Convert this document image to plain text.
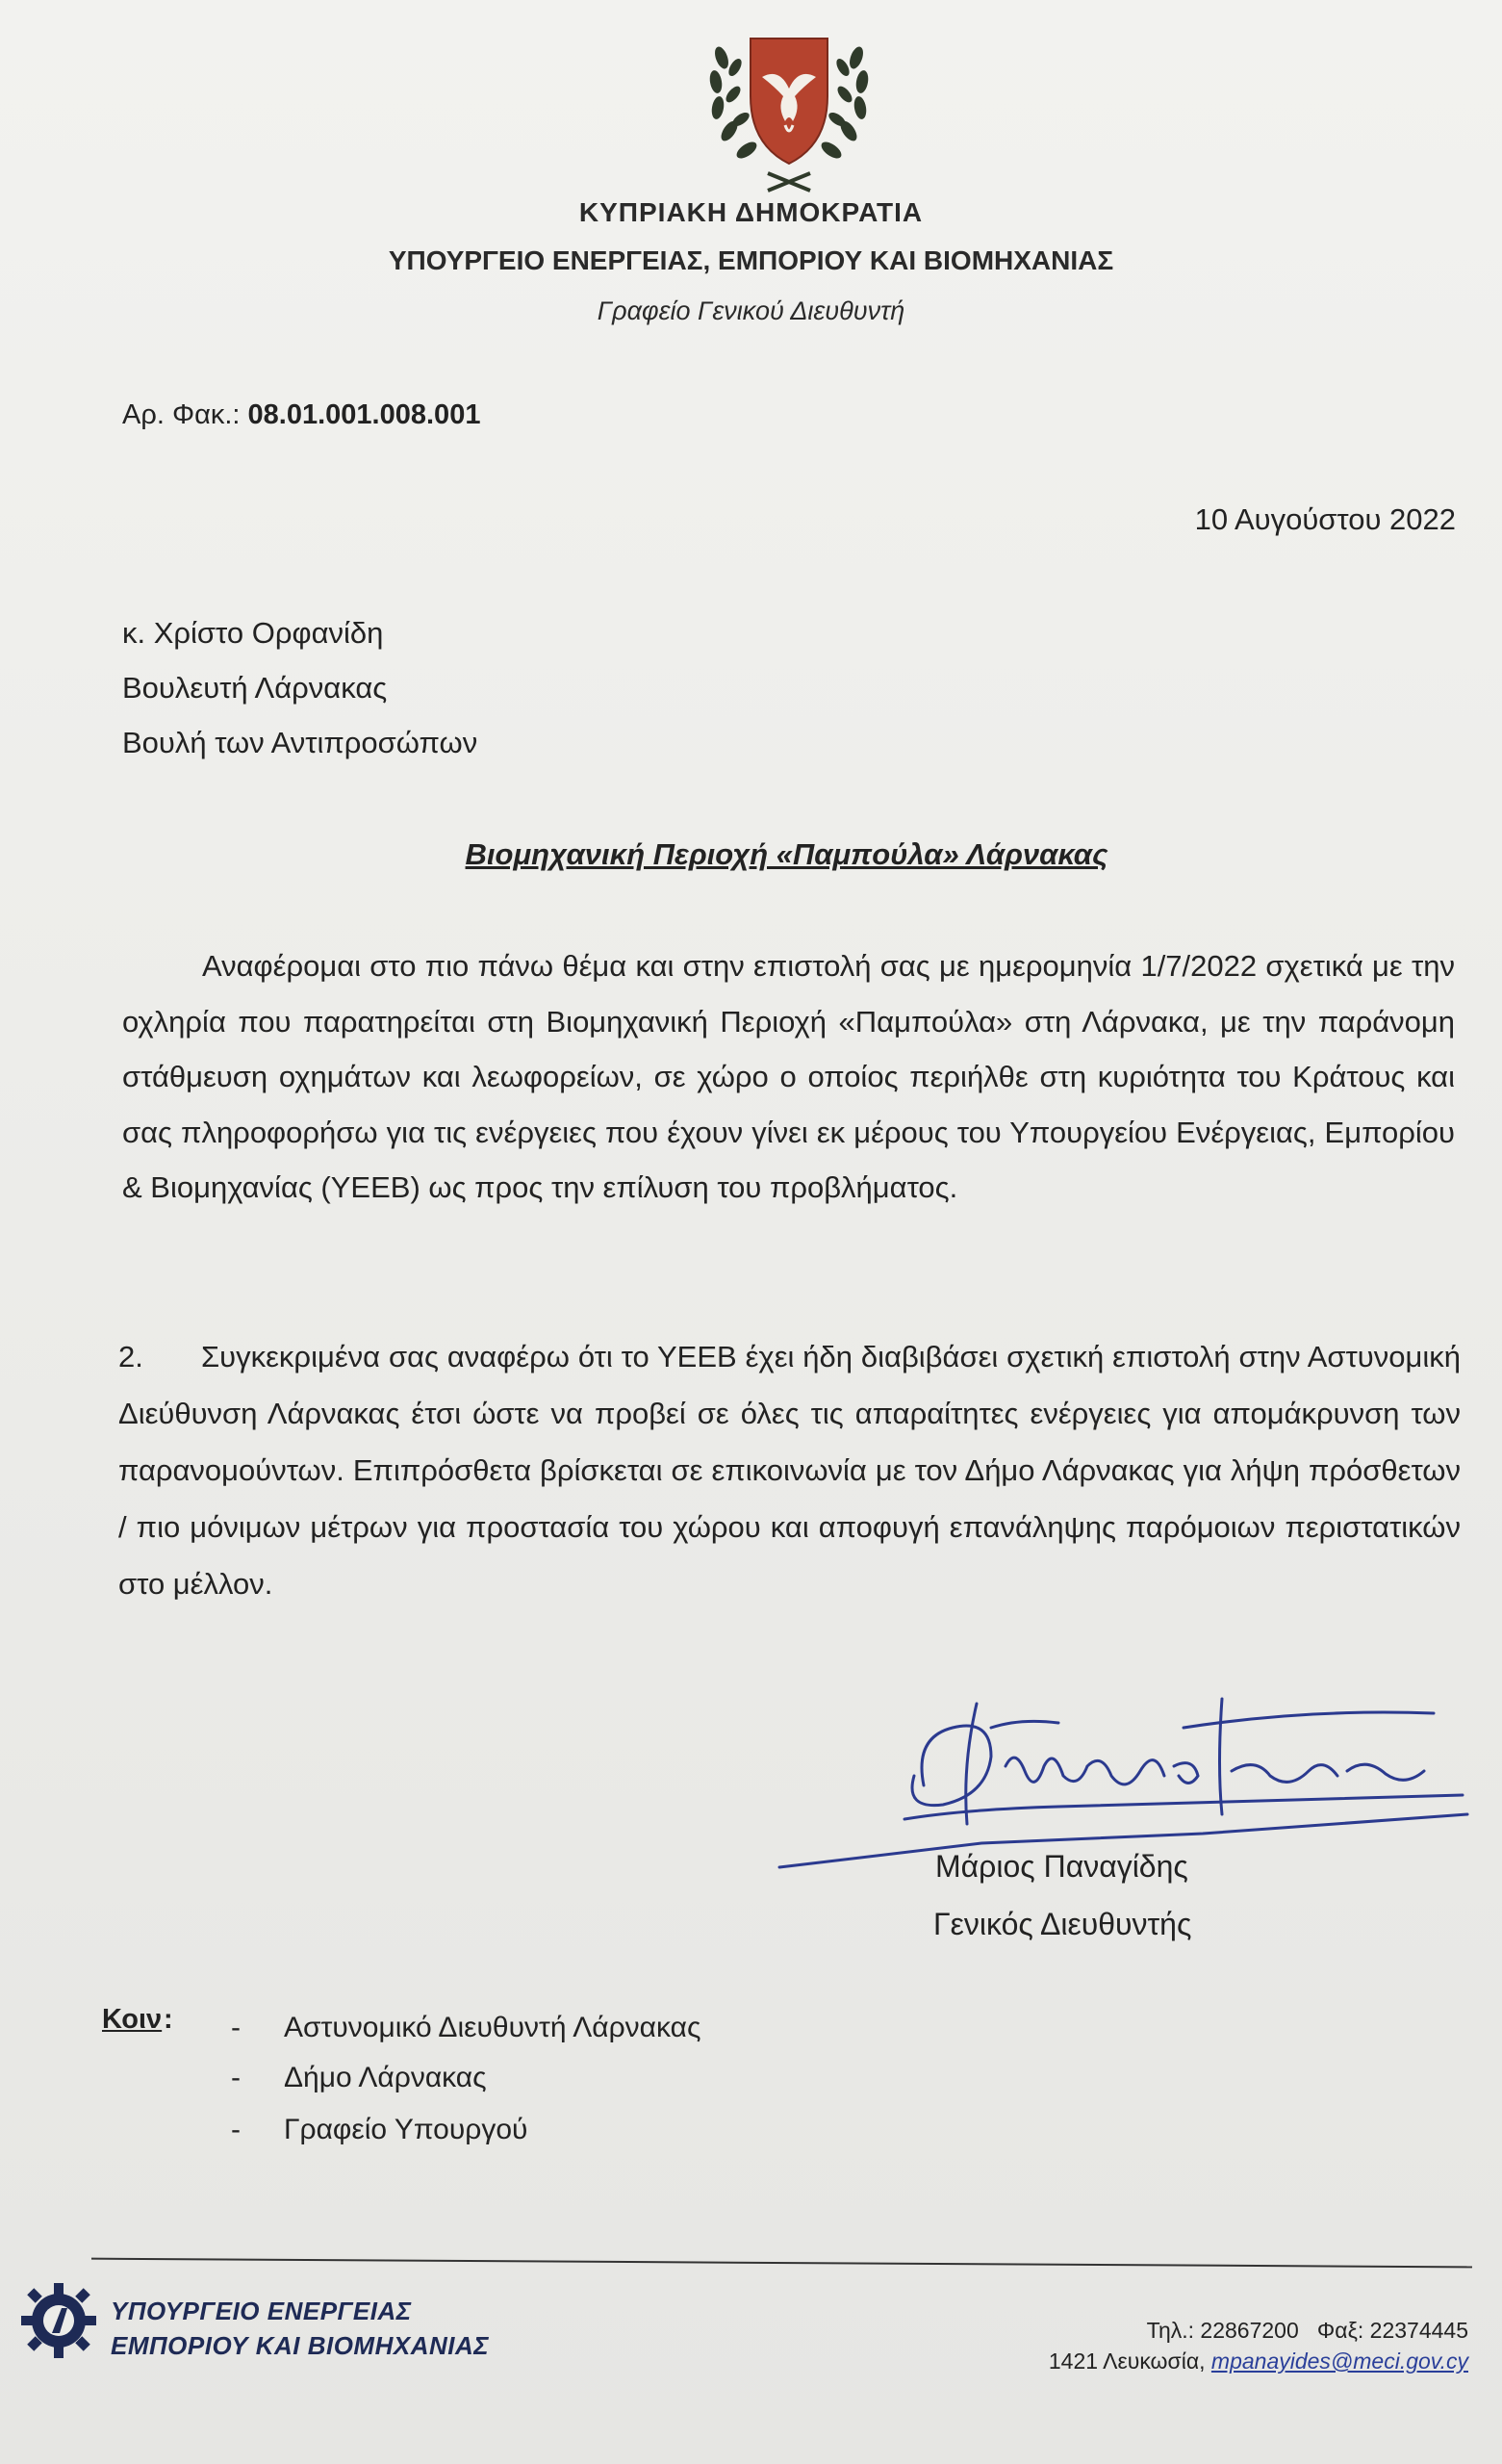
ΚΥΠΡΙΑΚΗ ΔΗΜΟΚΡΑΤΙΑ
ΥΠΟΥΡΓΕΙΟ ΕΝΕΡΓΕΙΑΣ, ΕΜΠΟΡΙΟΥ ΚΑΙ ΒΙΟΜΗΧΑΝΙΑΣ
Γραφείο Γενικού Διευθυντή
Αρ. Φακ.: 08.01.001.008.001
10 Αυγούστου 2022
κ. Χρίστο Ορφανίδη
Βουλευτή Λάρνακας
Βουλή των Αντιπροσώπων
Βιομηχανική Περιοχή «Παμπούλα» Λάρνακας
Αναφέρομαι στο πιο πάνω θέμα και στην επιστολή σας με ημερομηνία 1/7/2022 σχετικά με την οχληρία που παρατηρείται στη Βιομηχανική Περιοχή «Παμπούλα» στη Λάρνακα, με την παράνομη στάθμευση οχημάτων και λεωφορείων, σε χώρο ο οποίος περιήλθε στη κυριότητα του Κράτους και σας πληροφορήσω για τις ενέργειες που έχουν γίνει εκ μέρους του Υπουργείου Ενέργειας, Εμπορίου & Βιομηχανίας (ΥΕΕΒ) ως προς την επίλυση του προβλήματος.
2. Συγκεκριμένα σας αναφέρω ότι το ΥΕΕΒ έχει ήδη διαβιβάσει σχετική επιστολή στην Αστυνομική Διεύθυνση Λάρνακας έτσι ώστε να προβεί σε όλες τις απαραίτητες ενέργειες για απομάκρυνση των παρανομούντων. Επιπρόσθετα βρίσκεται σε επικοινωνία με τον Δήμο Λάρνακας για λήψη πρόσθετων / πιο μόνιμων μέτρων για προστασία του χώρου και αποφυγή επανάληψης παρόμοιων περιστατικών στο μέλλον.
Μάριος Παναγίδης
Γενικός Διευθυντής
Κοιν : - Αστυνομικό Διευθυντή Λάρνακας
- Δήμο Λάρνακας
- Γραφείο Υπουργού
ΥΠΟΥΡΓΕΙΟ ΕΝΕΡΓΕΙΑΣ
ΕΜΠΟΡΙΟΥ ΚΑΙ ΒΙΟΜΗΧΑΝΙΑΣ
Τηλ.: 22867200 Φαξ: 22374445
1421 Λευκωσία, mpanayides@meci.gov.cy
